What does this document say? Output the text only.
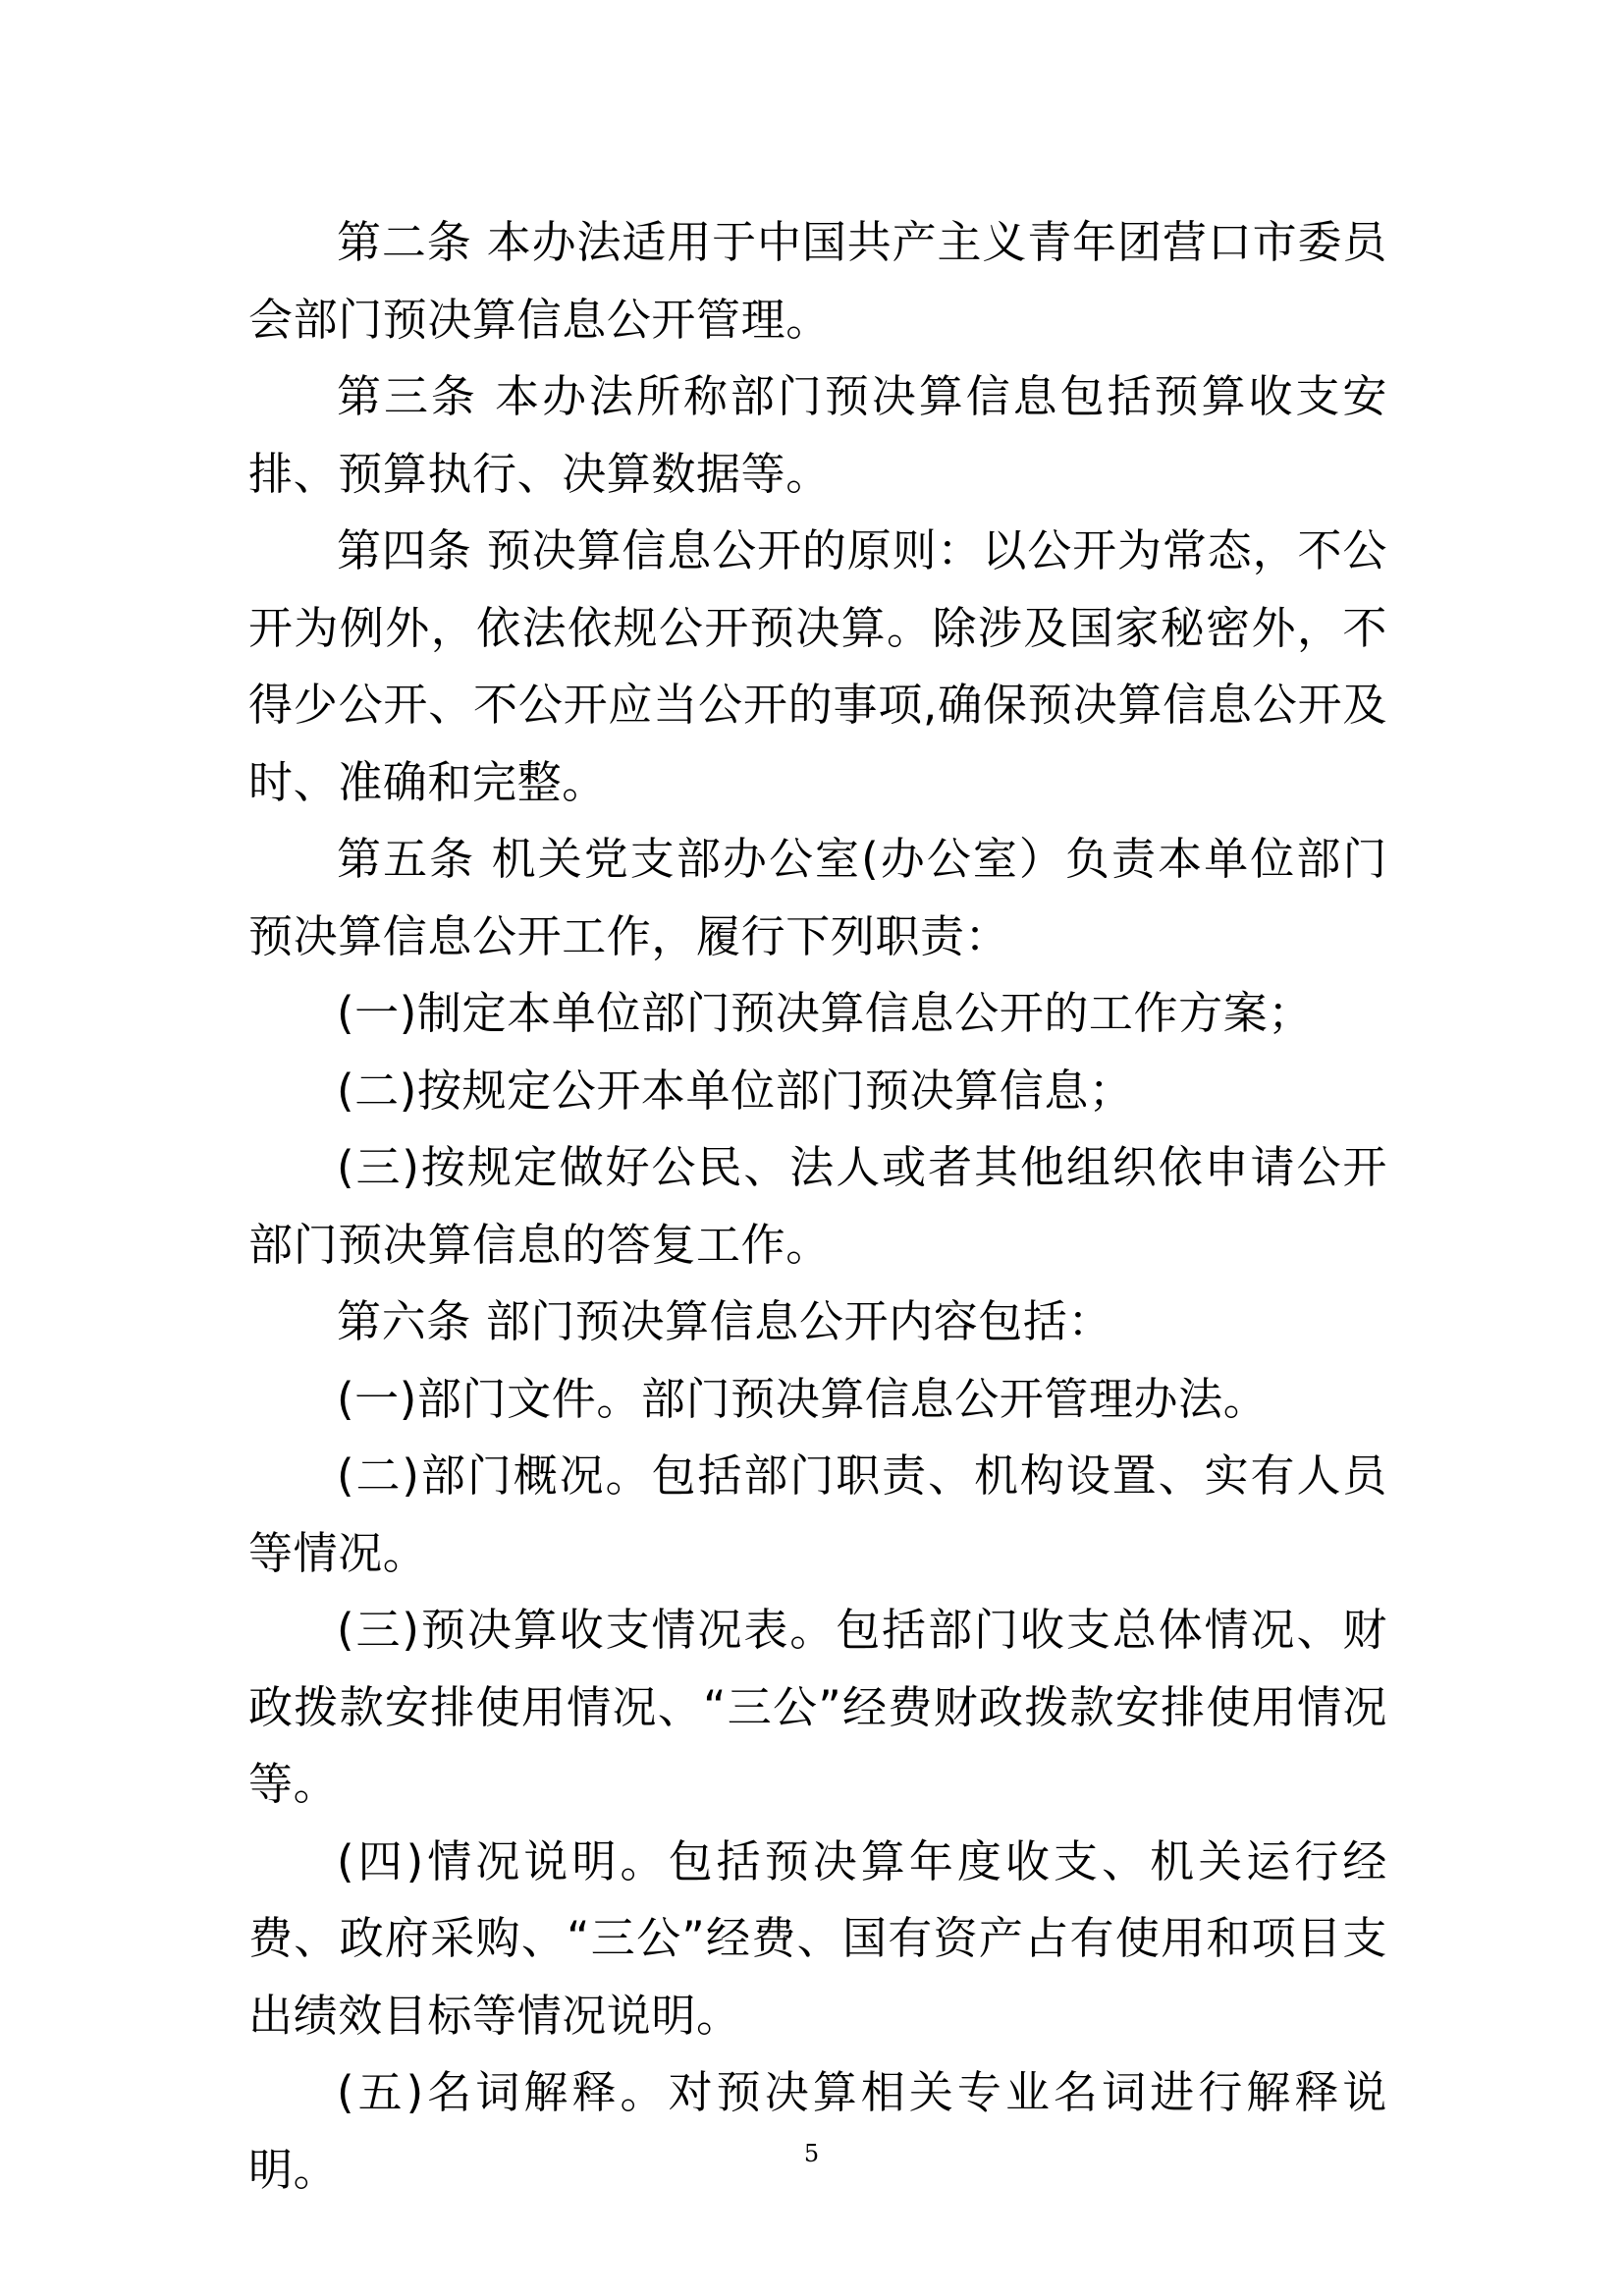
第二条 本办法适用于中国共产主义青年团营口市委员会部门预决算信息公开管理。

第三条 本办法所称部门预决算信息包括预算收支安排、预算执行、决算数据等。

第四条 预决算信息公开的原则：以公开为常态，不公开为例外，依法依规公开预决算。除涉及国家秘密外，不得少公开、不公开应当公开的事项,确保预决算信息公开及时、准确和完整。

第五条 机关党支部办公室(办公室）负责本单位部门预决算信息公开工作，履行下列职责：

(一)制定本单位部门预决算信息公开的工作方案；

(二)按规定公开本单位部门预决算信息；

(三)按规定做好公民、法人或者其他组织依申请公开部门预决算信息的答复工作。

第六条 部门预决算信息公开内容包括：

(一)部门文件。部门预决算信息公开管理办法。

(二)部门概况。包括部门职责、机构设置、实有人员等情况。

(三)预决算收支情况表。包括部门收支总体情况、财政拨款安排使用情况、“三公”经费财政拨款安排使用情况等。

(四)情况说明。包括预决算年度收支、机关运行经费、政府采购、“三公”经费、国有资产占有使用和项目支出绩效目标等情况说明。

(五)名词解释。对预决算相关专业名词进行解释说明。	5
